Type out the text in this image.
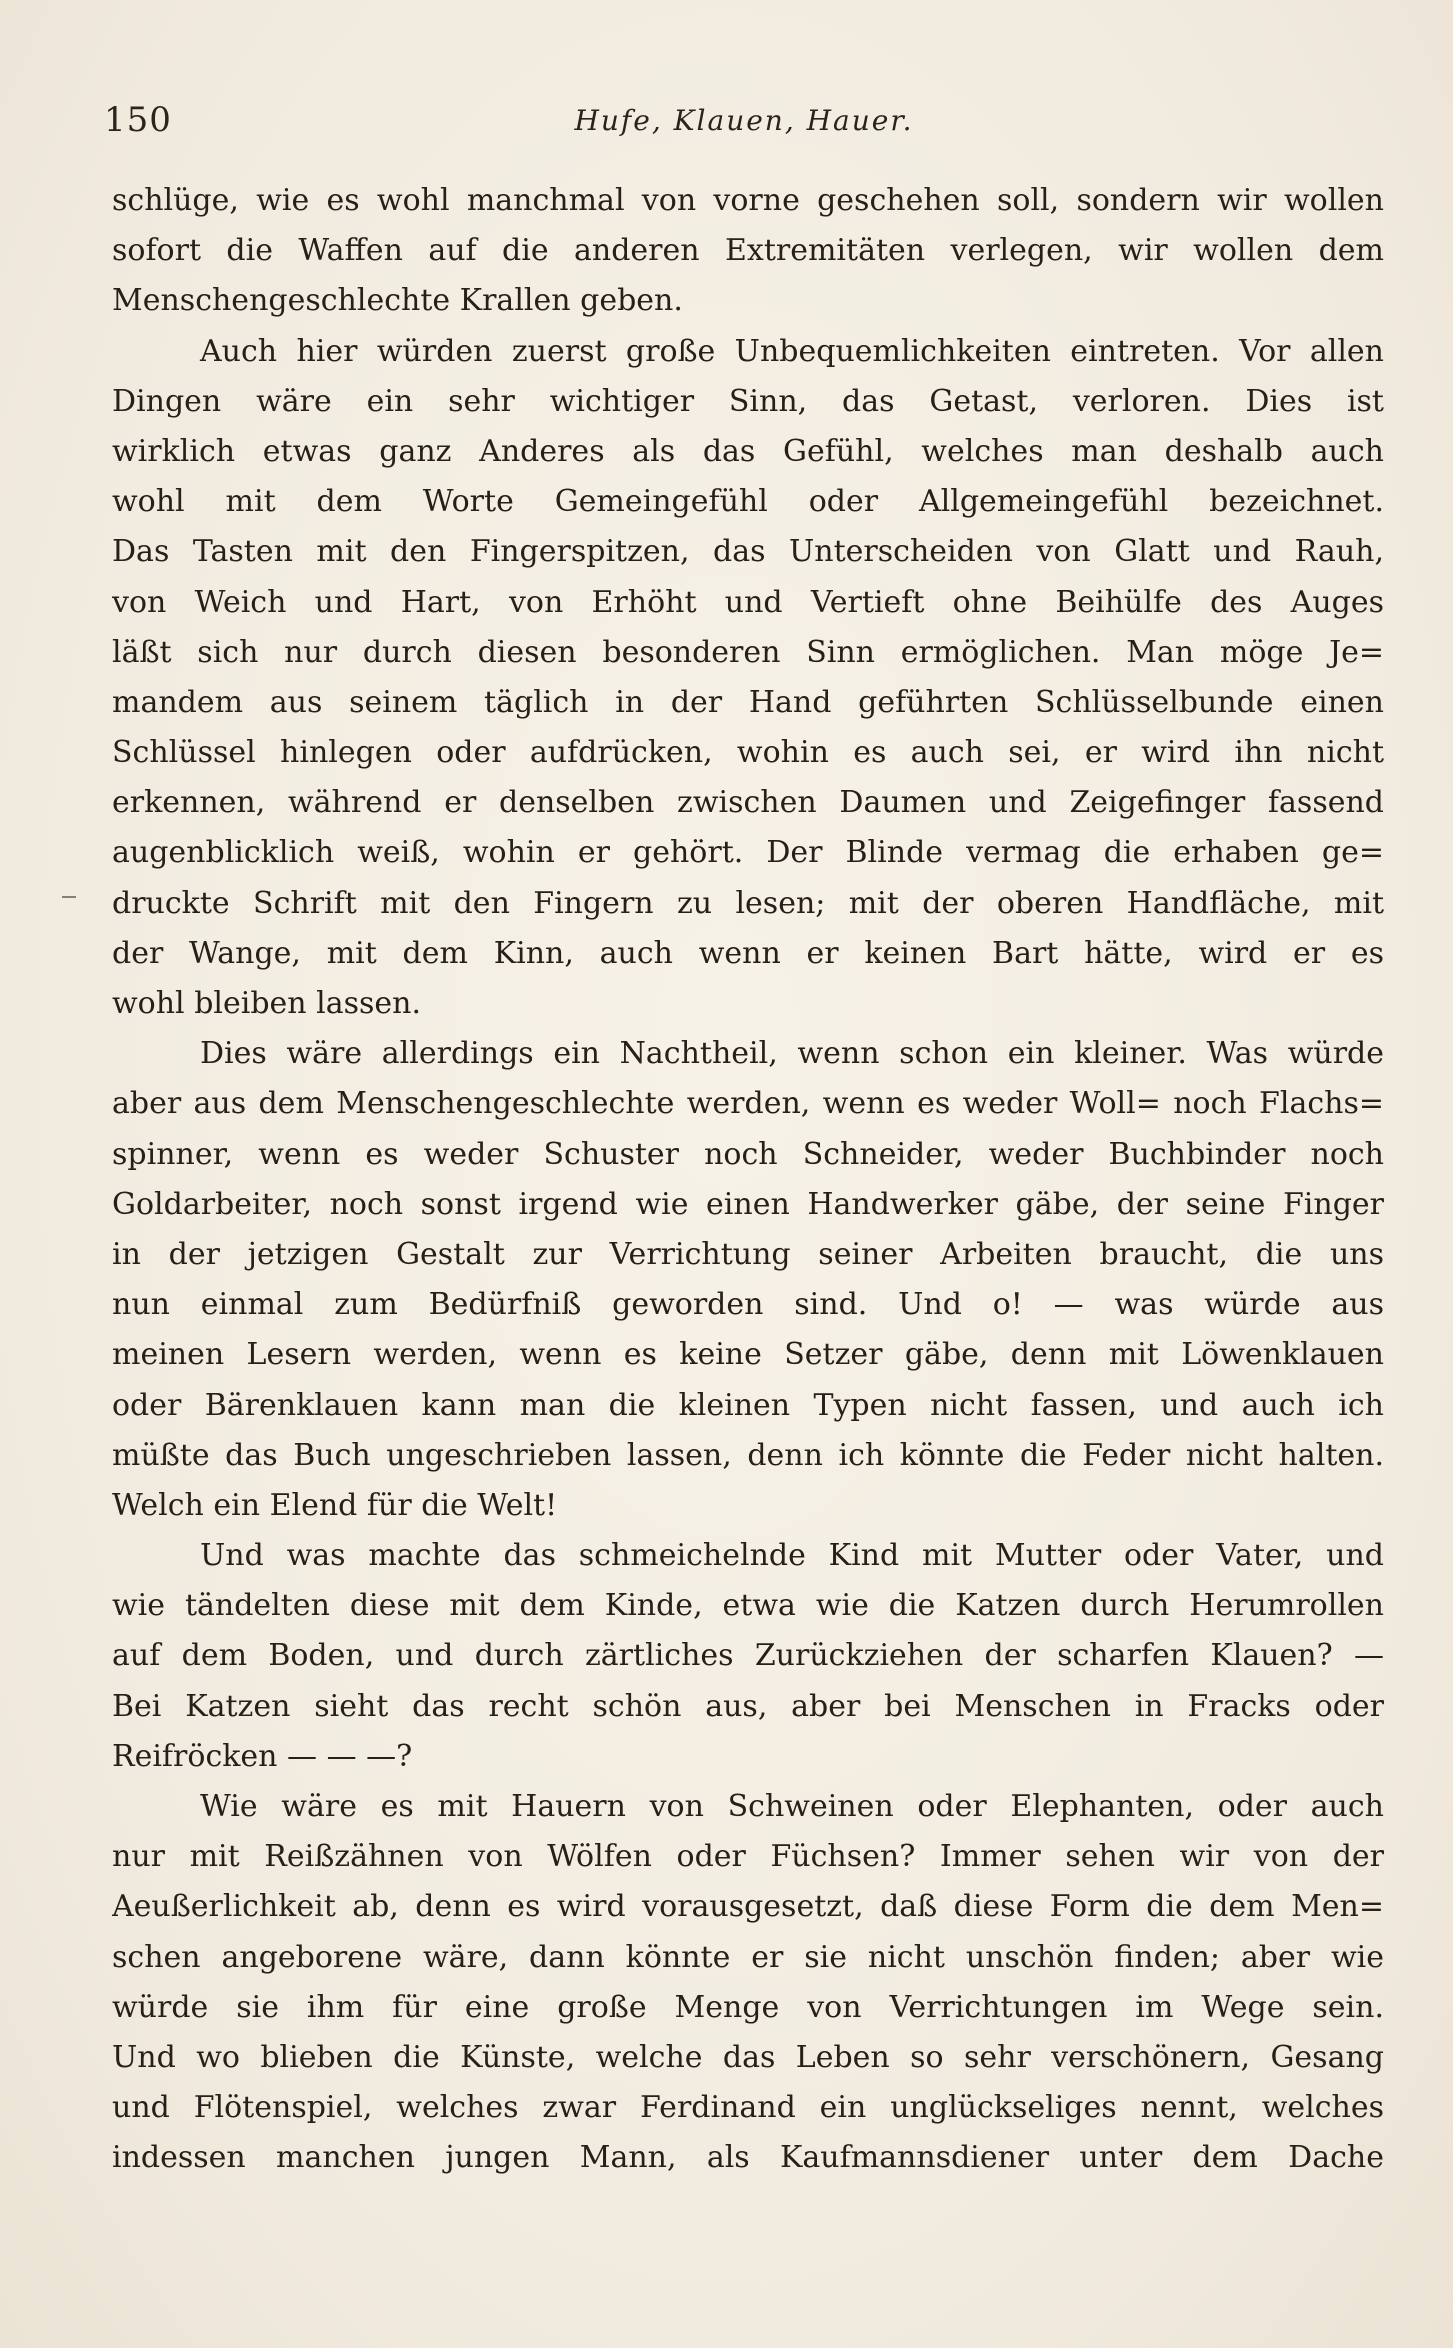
150	Hufe, Klauen, Hauer.
schlüge, wie es wohl manchmal von vorne geschehen soll, sondern wir wollen
sofort die Waffen auf die anderen Extremitäten verlegen, wir wollen dem
Menschengeschlechte Krallen geben.
Auch hier würden zuerst große Unbequemlichkeiten eintreten. Vor allen
Dingen wäre ein sehr wichtiger Sinn, das Getast, verloren. Dies ist
wirklich etwas ganz Anderes als das Gefühl, welches man deshalb auch
wohl mit dem Worte Gemeingefühl oder Allgemeingefühl bezeichnet.
Das Tasten mit den Fingerspitzen, das Unterscheiden von Glatt und Rauh,
von Weich und Hart, von Erhöht und Vertieft ohne Beihülfe des Auges
läßt sich nur durch diesen besonderen Sinn ermöglichen. Man möge Je=
mandem aus seinem täglich in der Hand geführten Schlüsselbunde einen
Schlüssel hinlegen oder aufdrücken, wohin es auch sei, er wird ihn nicht
erkennen, während er denselben zwischen Daumen und Zeigefinger fassend
augenblicklich weiß, wohin er gehört. Der Blinde vermag die erhaben ge=
druckte Schrift mit den Fingern zu lesen; mit der oberen Handfläche, mit
der Wange, mit dem Kinn, auch wenn er keinen Bart hätte, wird er es
wohl bleiben lassen.
Dies wäre allerdings ein Nachtheil, wenn schon ein kleiner. Was würde
aber aus dem Menschengeschlechte werden, wenn es weder Woll= noch Flachs=
spinner, wenn es weder Schuster noch Schneider, weder Buchbinder noch
Goldarbeiter, noch sonst irgend wie einen Handwerker gäbe, der seine Finger
in der jetzigen Gestalt zur Verrichtung seiner Arbeiten braucht, die uns
nun einmal zum Bedürfniß geworden sind. Und o! — was würde aus
meinen Lesern werden, wenn es keine Setzer gäbe, denn mit Löwenklauen
oder Bärenklauen kann man die kleinen Typen nicht fassen, und auch ich
müßte das Buch ungeschrieben lassen, denn ich könnte die Feder nicht halten.
Welch ein Elend für die Welt!
Und was machte das schmeichelnde Kind mit Mutter oder Vater, und
wie tändelten diese mit dem Kinde, etwa wie die Katzen durch Herumrollen
auf dem Boden, und durch zärtliches Zurückziehen der scharfen Klauen? —
Bei Katzen sieht das recht schön aus, aber bei Menschen in Fracks oder
Reifröcken — — —?
Wie wäre es mit Hauern von Schweinen oder Elephanten, oder auch
nur mit Reißzähnen von Wölfen oder Füchsen? Immer sehen wir von der
Aeußerlichkeit ab, denn es wird vorausgesetzt, daß diese Form die dem Men=
schen angeborene wäre, dann könnte er sie nicht unschön finden; aber wie
würde sie ihm für eine große Menge von Verrichtungen im Wege sein.
Und wo blieben die Künste, welche das Leben so sehr verschönern, Gesang
und Flötenspiel, welches zwar Ferdinand ein unglückseliges nennt, welches
indessen manchen jungen Mann, als Kaufmannsdiener unter dem Dache
